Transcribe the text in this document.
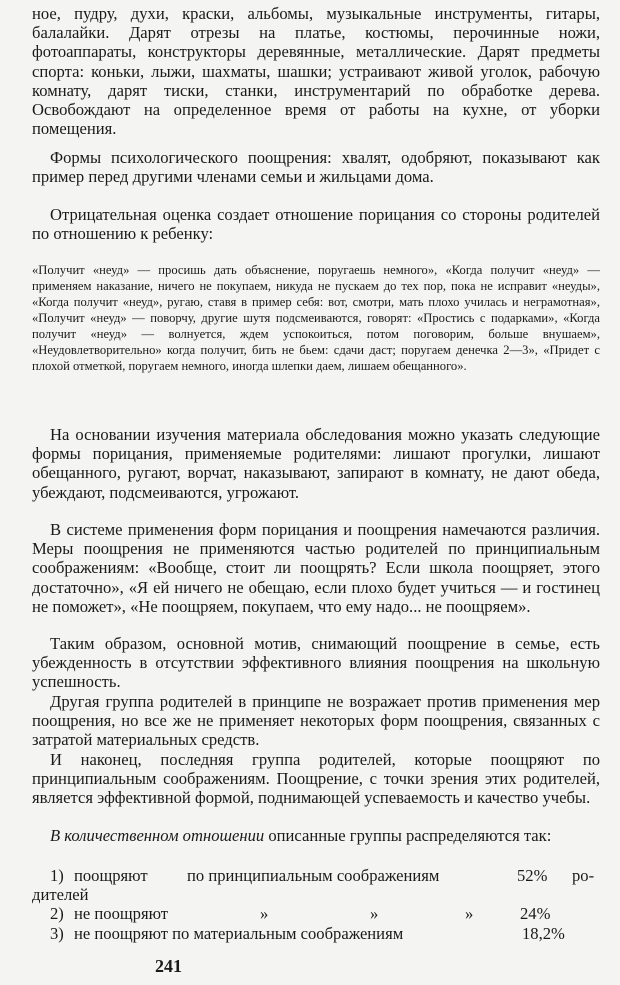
ное, пудру, духи, краски, альбомы, музыкальные инструменты, гитары, балалайки. Дарят отрезы на платье, костюмы, перочинные ножи, фотоаппараты, конструкторы деревянные, металлические. Дарят предметы спорта: коньки, лыжи, шахматы, шашки; устраивают живой уголок, рабочую комнату, дарят тиски, станки, инструментарий по обработке дерева. Освобождают на определенное время от работы на кухне, от уборки помещения.

Формы психологического поощрения: хвалят, одобряют, показывают как пример перед другими членами семьи и жильцами дома.

Отрицательная оценка создает отношение порицания со стороны родителей по отношению к ребенку:

«Получит «неуд» — просишь дать объяснение, поругаешь немного», «Когда получит «неуд» — применяем наказание, ничего не покупаем, никуда не пускаем до тех пор, пока не исправит «неуды», «Когда получит «неуд», ругаю, ставя в пример себя: вот, смотри, мать плохо училась и неграмотная», «Получит «неуд» — поворчу, другие шутя подсмеиваются, говорят: «Простись с подарками», «Когда получит «неуд» — волнуется, ждем успокоиться, потом поговорим, больше внушаем», «Неудовлетворительно» когда получит, бить не бьем: сдачи даст; поругаем денечка 2—3», «Придет с плохой отметкой, поругаем немного, иногда шлепки даем, лишаем обещанного».

На основании изучения материала обследования можно указать следующие формы порицания, применяемые родителями: лишают прогулки, лишают обещанного, ругают, ворчат, наказывают, запирают в комнату, не дают обеда, убеждают, подсмеиваются, угрожают.

В системе применения форм порицания и поощрения намечаются различия. Меры поощрения не применяются частью родителей по принципиальным соображениям: «Вообще, стоит ли поощрять? Если школа поощряет, этого достаточно», «Я ей ничего не обещаю, если плохо будет учиться — и гостинец не поможет», «Не поощряем, покупаем, что ему надо... не поощряем».

Таким образом, основной мотив, снимающий поощрение в семье, есть убежденность в отсутствии эффективного влияния поощрения на школьную успешность.

Другая группа родителей в принципе не возражает против применения мер поощрения, но все же не применяет некоторых форм поощрения, связанных с затратой материальных средств.

И наконец, последняя группа родителей, которые поощряют по принципиальным соображениям. Поощрение, с точки зрения этих родителей, является эффективной формой, поднимающей успеваемость и качество учебы.

В количественном отношении описанные группы распределяются так:

1) поощряют по принципиальным соображениям	52% ро-
дителей
2) не поощряют	»	»	»	24%
3) не поощряют по материальным соображениям	18,2%
241
